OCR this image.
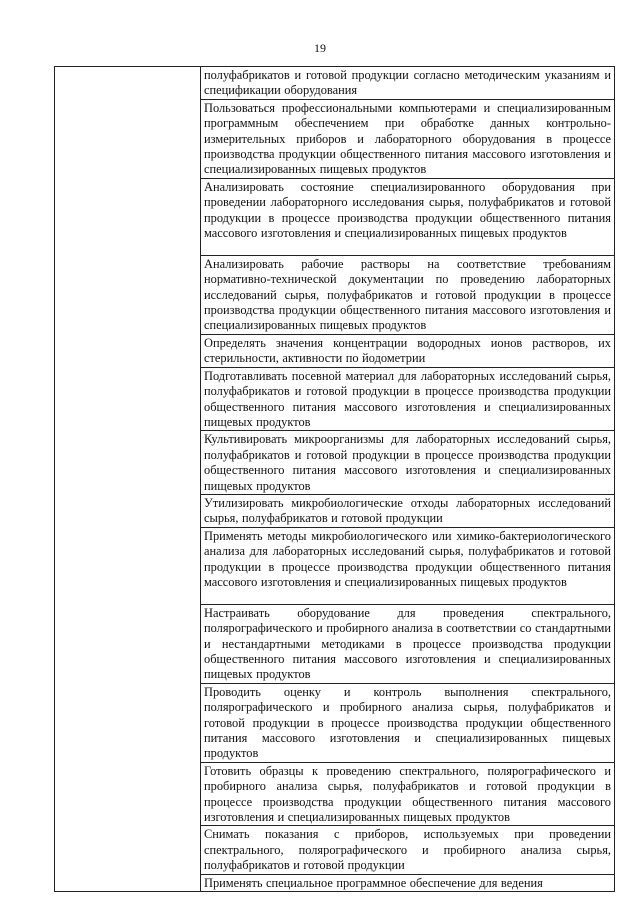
19
	полуфабрикатов и готовой продукции согласно методическим указаниям и спецификации оборудования
Пользоваться профессиональными компьютерами и специализированным программным обеспечением при обработке данных контрольно-измерительных приборов и лабораторного оборудования в процессе производства продукции общественного питания массового изготовления и специализированных пищевых продуктов
Анализировать состояние специализированного оборудования при проведении лабораторного исследования сырья, полуфабрикатов и готовой продукции в процессе производства продукции общественного питания массового изготовления и специализированных пищевых продуктов
Анализировать рабочие растворы на соответствие требованиям нормативно-технической документации по проведению лабораторных исследований сырья, полуфабрикатов и готовой продукции в процессе производства продукции общественного питания массового изготовления и специализированных пищевых продуктов
Определять значения концентрации водородных ионов растворов, их стерильности, активности по йодометрии
Подготавливать посевной материал для лабораторных исследований сырья, полуфабрикатов и готовой продукции в процессе производства продукции общественного питания массового изготовления и специализированных пищевых продуктов
Культивировать микроорганизмы для лабораторных исследований сырья, полуфабрикатов и готовой продукции в процессе производства продукции общественного питания массового изготовления и специализированных пищевых продуктов
Утилизировать микробиологические отходы лабораторных исследований сырья, полуфабрикатов и готовой продукции
Применять методы микробиологического или химико-бактериологического анализа для лабораторных исследований сырья, полуфабрикатов и готовой продукции в процессе производства продукции общественного питания массового изготовления и специализированных пищевых продуктов
Настраивать оборудование для проведения спектрального, полярографического и пробирного анализа в соответствии со стандартными и нестандартными методиками в процессе производства продукции общественного питания массового изготовления и специализированных пищевых продуктов
Проводить оценку и контроль выполнения спектрального, полярографического и пробирного анализа сырья, полуфабрикатов и готовой продукции в процессе производства продукции общественного питания массового изготовления и специализированных пищевых продуктов
Готовить образцы к проведению спектрального, полярографического и пробирного анализа сырья, полуфабрикатов и готовой продукции в процессе производства продукции общественного питания массового изготовления и специализированных пищевых продуктов
Снимать показания с приборов, используемых при проведении спектрального, полярографического и пробирного анализа сырья, полуфабрикатов и готовой продукции
Применять специальное программное обеспечение для ведения
